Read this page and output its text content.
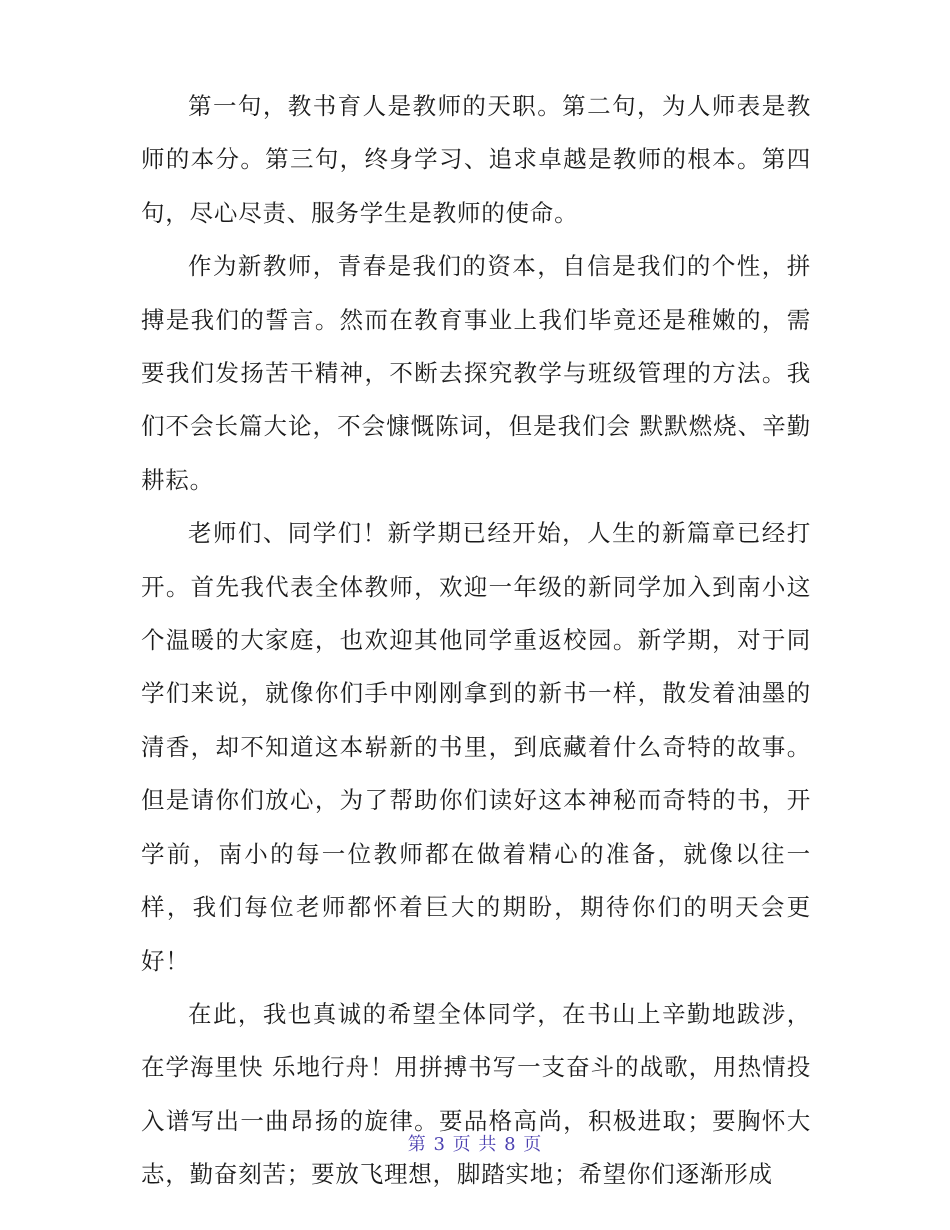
第一句，教书育人是教师的天职。第二句，为人师表是教师的本分。第三句，终身学习、追求卓越是教师的根本。第四句，尽心尽责、服务学生是教师的使命。

作为新教师，青春是我们的资本，自信是我们的个性，拼搏是我们的誓言。然而在教育事业上我们毕竟还是稚嫩的，需要我们发扬苦干精神，不断去探究教学与班级管理的方法。我们不会长篇大论，不会慷慨陈词，但是我们会 默默燃烧、辛勤耕耘。

老师们、同学们！新学期已经开始，人生的新篇章已经打开。首先我代表全体教师，欢迎一年级的新同学加入到南小这个温暖的大家庭，也欢迎其他同学重返校园。新学期，对于同学们来说，就像你们手中刚刚拿到的新书一样，散发着油墨的清香，却不知道这本崭新的书里，到底藏着什么奇特的故事。但是请你们放心，为了帮助你们读好这本神秘而奇特的书，开学前，南小的每一位教师都在做着精心的准备，就像以往一样，我们每位老师都怀着巨大的期盼，期待你们的明天会更好！

在此，我也真诚的希望全体同学，在书山上辛勤地跋涉，在学海里快 乐地行舟！用拼搏书写一支奋斗的战歌，用热情投入谱写出一曲昂扬的旋律。要品格高尚，积极进取；要胸怀大志，勤奋刻苦；要放飞理想，脚踏实地；希望你们逐渐形成

第 3 页 共 8 页
